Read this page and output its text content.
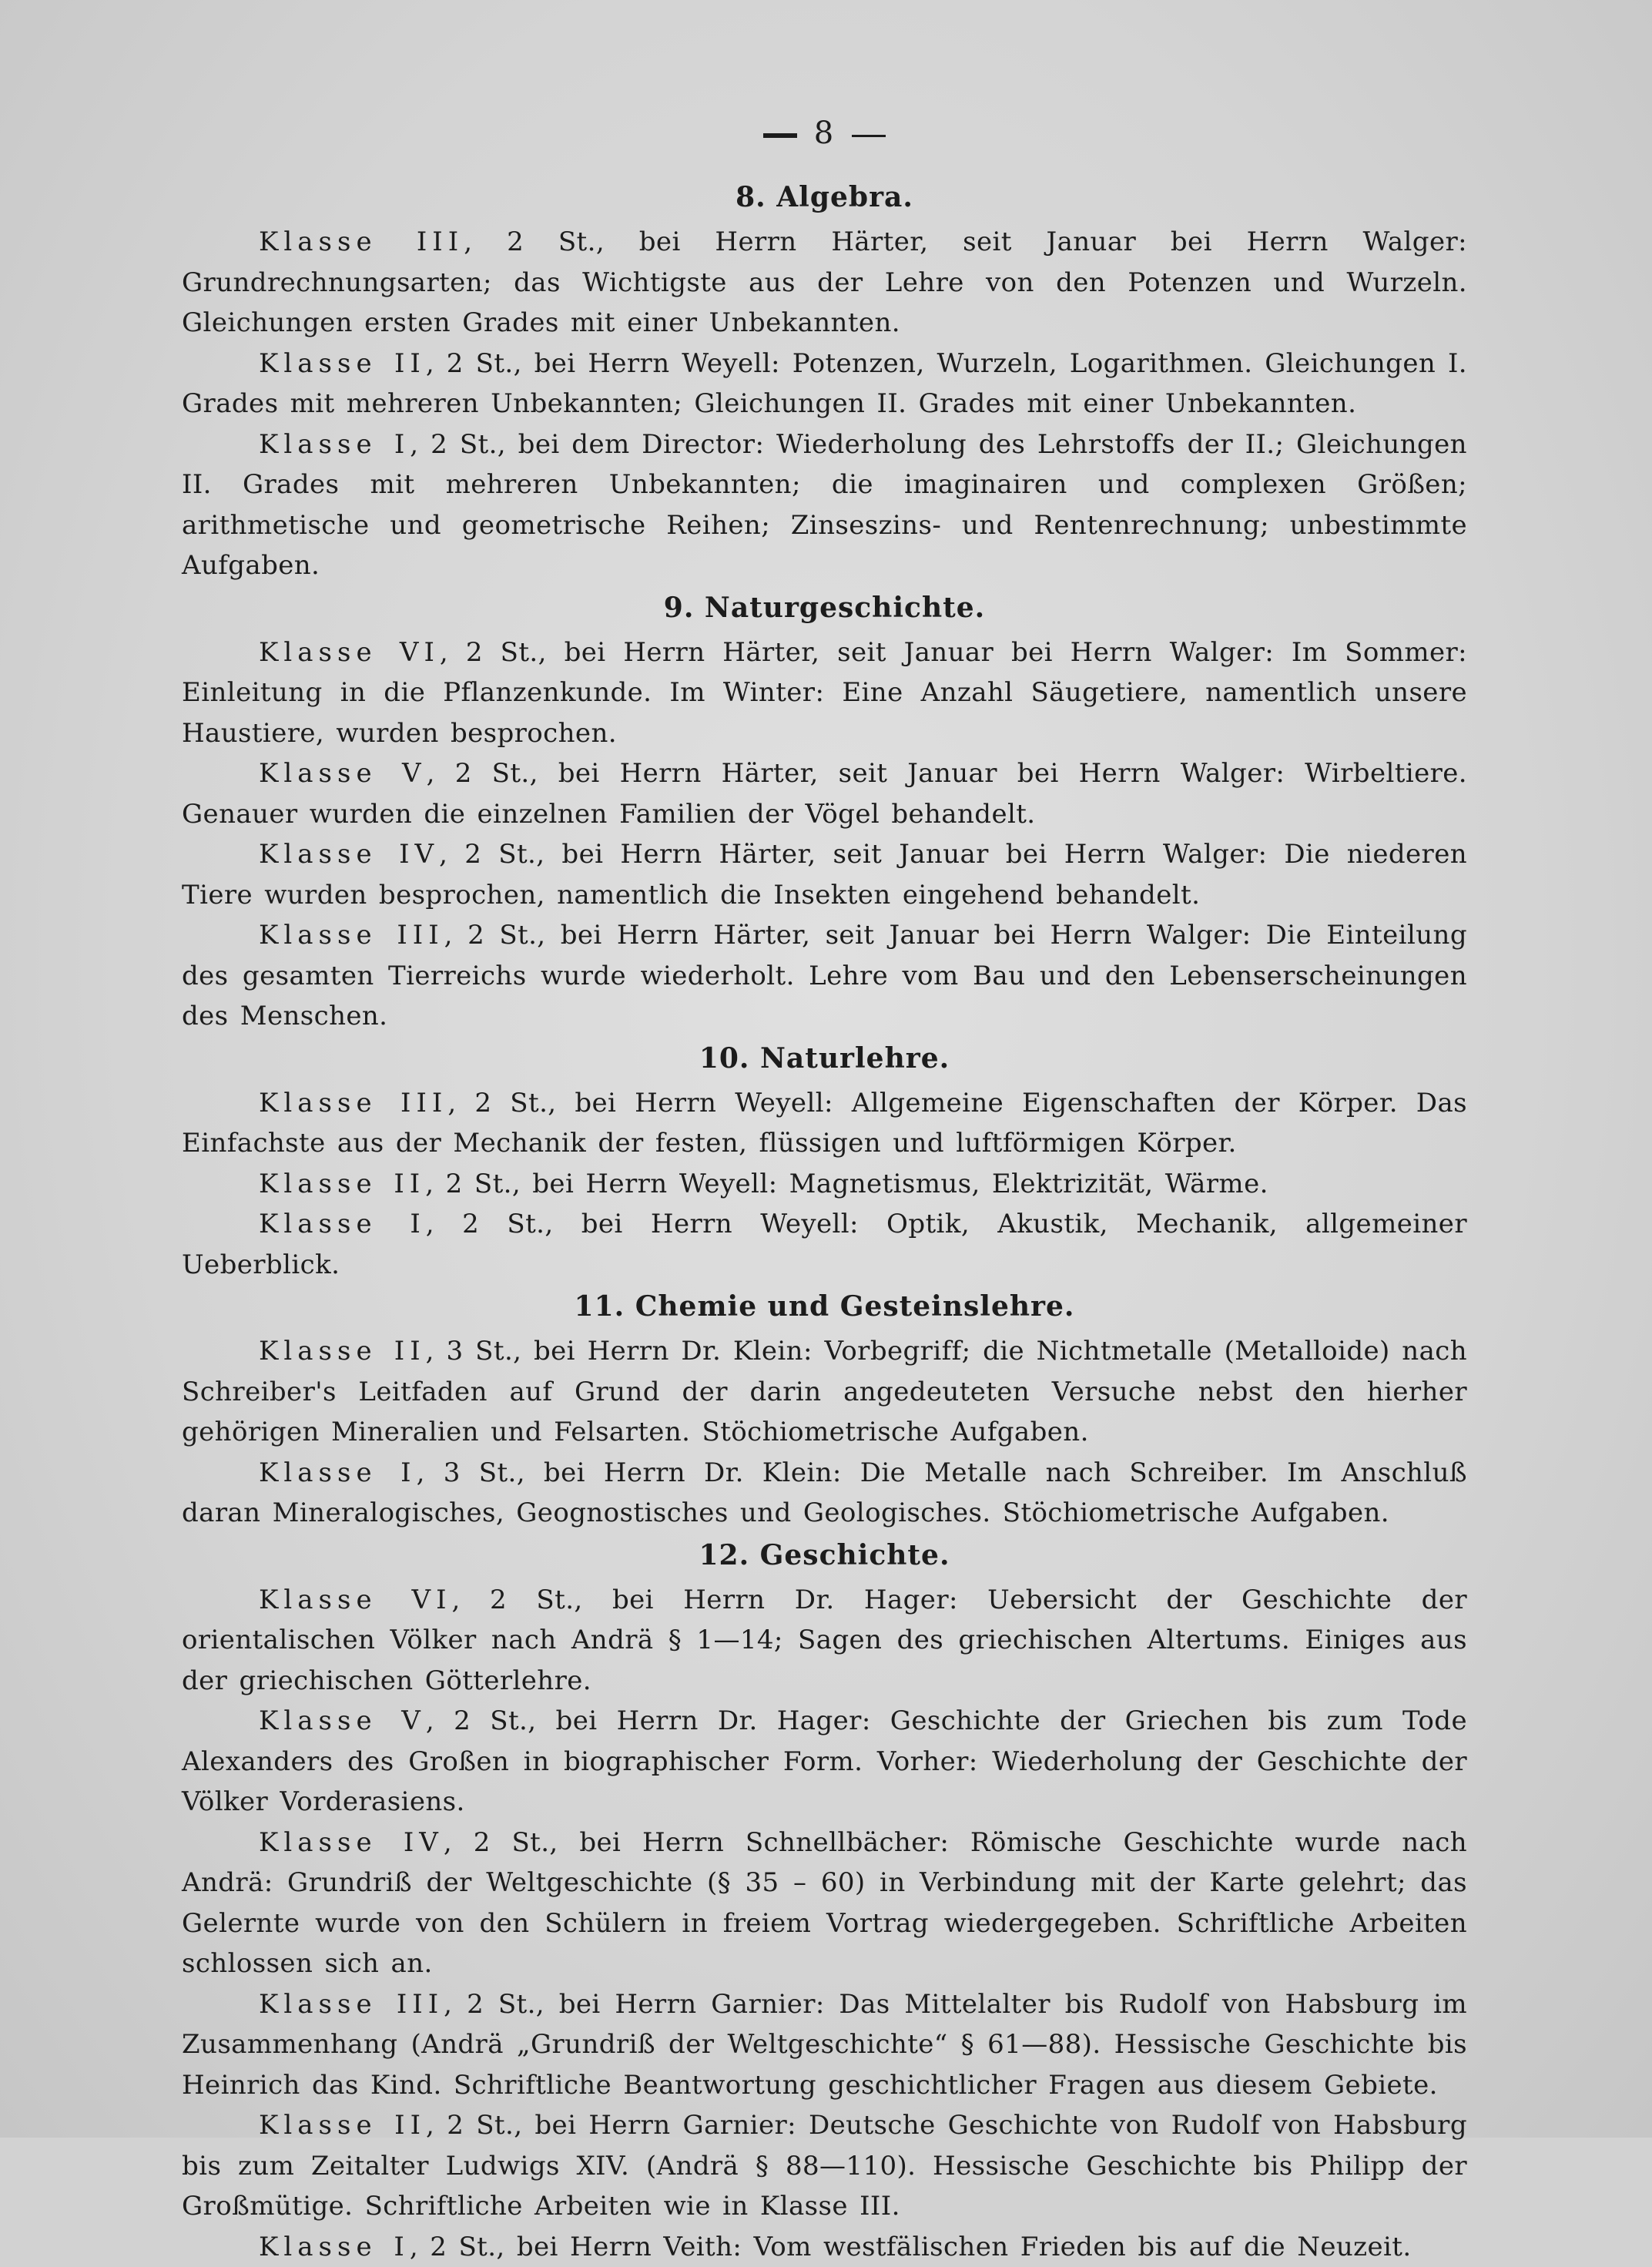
8
8. Algebra.

Klasse III, 2 St., bei Herrn Härter, seit Januar bei Herrn Walger: Grundrechnungsarten; das Wichtigste aus der Lehre von den Potenzen und Wurzeln. Gleichungen ersten Grades mit einer Unbekannten.

Klasse II, 2 St., bei Herrn Weyell: Potenzen, Wurzeln, Logarithmen. Gleichungen I. Grades mit mehreren Unbekannten; Gleichungen II. Grades mit einer Unbekannten.

Klasse I, 2 St., bei dem Director: Wiederholung des Lehrstoffs der II.; Gleichungen II. Grades mit mehreren Unbekannten; die imaginairen und complexen Größen; arithmetische und geometrische Reihen; Zinseszins- und Rentenrechnung; unbestimmte Aufgaben.

9. Naturgeschichte.

Klasse VI, 2 St., bei Herrn Härter, seit Januar bei Herrn Walger: Im Sommer: Einleitung in die Pflanzenkunde. Im Winter: Eine Anzahl Säugetiere, namentlich unsere Haustiere, wurden besprochen.

Klasse V, 2 St., bei Herrn Härter, seit Januar bei Herrn Walger: Wirbeltiere. Genauer wurden die einzelnen Familien der Vögel behandelt.

Klasse IV, 2 St., bei Herrn Härter, seit Januar bei Herrn Walger: Die niederen Tiere wurden besprochen, namentlich die Insekten eingehend behandelt.

Klasse III, 2 St., bei Herrn Härter, seit Januar bei Herrn Walger: Die Einteilung des gesamten Tierreichs wurde wiederholt. Lehre vom Bau und den Lebenserscheinungen des Menschen.

10. Naturlehre.

Klasse III, 2 St., bei Herrn Weyell: Allgemeine Eigenschaften der Körper. Das Einfachste aus der Mechanik der festen, flüssigen und luftförmigen Körper.

Klasse II, 2 St., bei Herrn Weyell: Magnetismus, Elektrizität, Wärme.

Klasse I, 2 St., bei Herrn Weyell: Optik, Akustik, Mechanik, allgemeiner Ueberblick.

11. Chemie und Gesteinslehre.

Klasse II, 3 St., bei Herrn Dr. Klein: Vorbegriff; die Nichtmetalle (Metalloide) nach Schreiber's Leitfaden auf Grund der darin angedeuteten Versuche nebst den hierher gehörigen Mineralien und Felsarten. Stöchiometrische Aufgaben.

Klasse I, 3 St., bei Herrn Dr. Klein: Die Metalle nach Schreiber. Im Anschluß daran Mineralogisches, Geognostisches und Geologisches. Stöchiometrische Aufgaben.

12. Geschichte.

Klasse VI, 2 St., bei Herrn Dr. Hager: Uebersicht der Geschichte der orientalischen Völker nach Andrä § 1—14; Sagen des griechischen Altertums. Einiges aus der griechischen Götterlehre.

Klasse V, 2 St., bei Herrn Dr. Hager: Geschichte der Griechen bis zum Tode Alexanders des Großen in biographischer Form. Vorher: Wiederholung der Geschichte der Völker Vorderasiens.

Klasse IV, 2 St., bei Herrn Schnellbächer: Römische Geschichte wurde nach Andrä: Grundriß der Weltgeschichte (§ 35 – 60) in Verbindung mit der Karte gelehrt; das Gelernte wurde von den Schülern in freiem Vortrag wiedergegeben. Schriftliche Arbeiten schlossen sich an.

Klasse III, 2 St., bei Herrn Garnier: Das Mittelalter bis Rudolf von Habsburg im Zusammenhang (Andrä „Grundriß der Weltgeschichte“ § 61—88). Hessische Geschichte bis Heinrich das Kind. Schriftliche Beantwortung geschichtlicher Fragen aus diesem Gebiete.

Klasse II, 2 St., bei Herrn Garnier: Deutsche Geschichte von Rudolf von Habsburg bis zum Zeitalter Ludwigs XIV. (Andrä § 88—110). Hessische Geschichte bis Philipp der Großmütige. Schriftliche Arbeiten wie in Klasse III.

Klasse I, 2 St., bei Herrn Veith: Vom westfälischen Frieden bis auf die Neuzeit.
